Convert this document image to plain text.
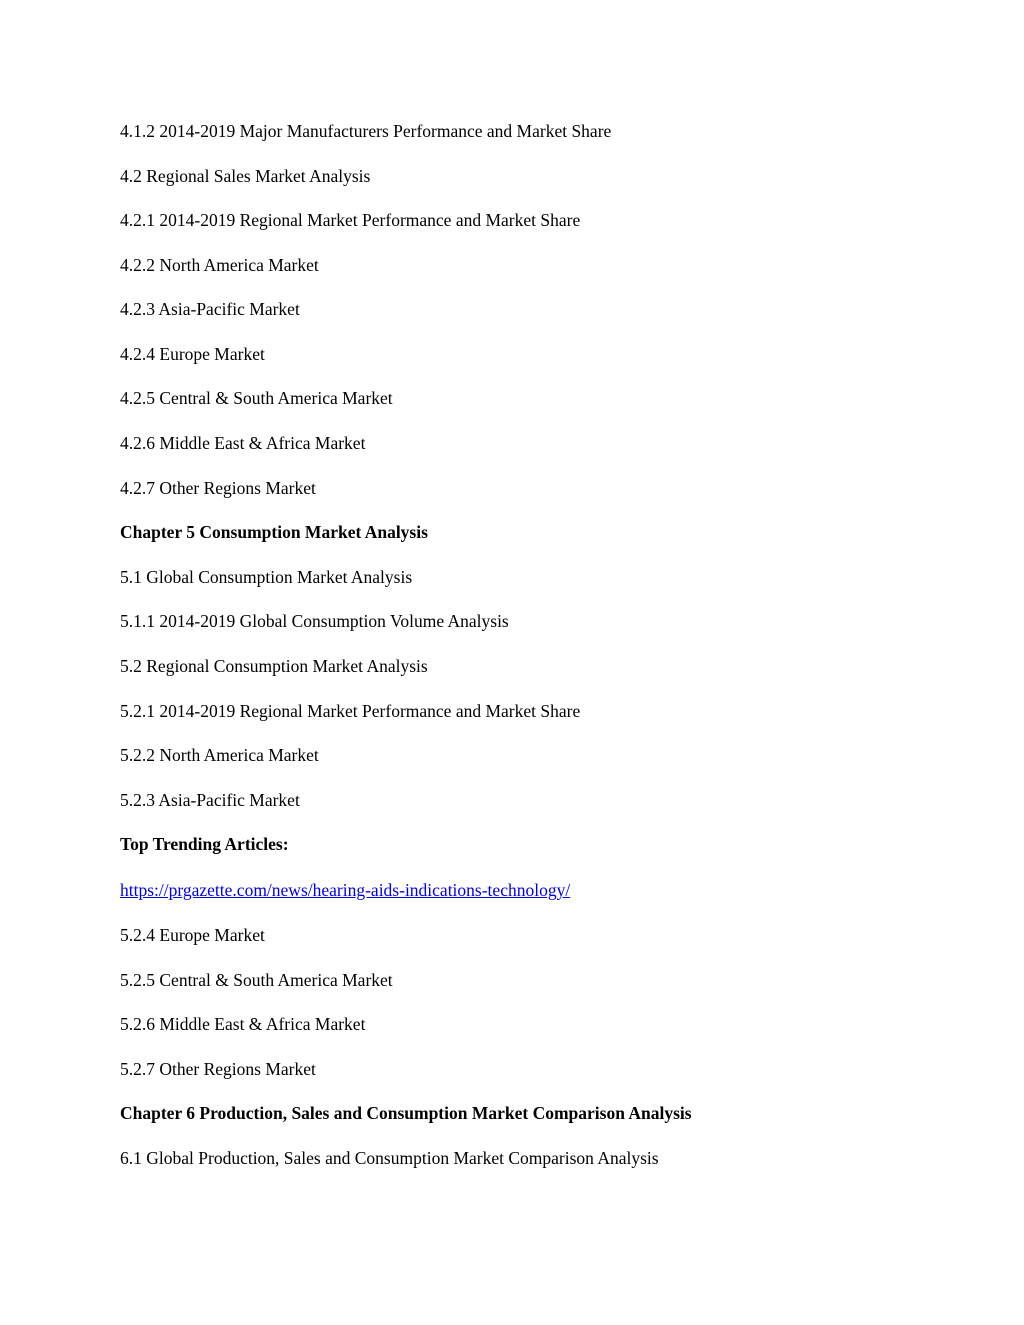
4.1.2 2014-2019 Major Manufacturers Performance and Market Share

4.2 Regional Sales Market Analysis

4.2.1 2014-2019 Regional Market Performance and Market Share

4.2.2 North America Market

4.2.3 Asia-Pacific Market

4.2.4 Europe Market

4.2.5 Central & South America Market

4.2.6 Middle East & Africa Market

4.2.7 Other Regions Market

Chapter 5 Consumption Market Analysis

5.1 Global Consumption Market Analysis

5.1.1 2014-2019 Global Consumption Volume Analysis

5.2 Regional Consumption Market Analysis

5.2.1 2014-2019 Regional Market Performance and Market Share

5.2.2 North America Market

5.2.3 Asia-Pacific Market

Top Trending Articles:

https://prgazette.com/news/hearing-aids-indications-technology/

5.2.4 Europe Market

5.2.5 Central & South America Market

5.2.6 Middle East & Africa Market

5.2.7 Other Regions Market

Chapter 6 Production, Sales and Consumption Market Comparison Analysis

6.1 Global Production, Sales and Consumption Market Comparison Analysis
